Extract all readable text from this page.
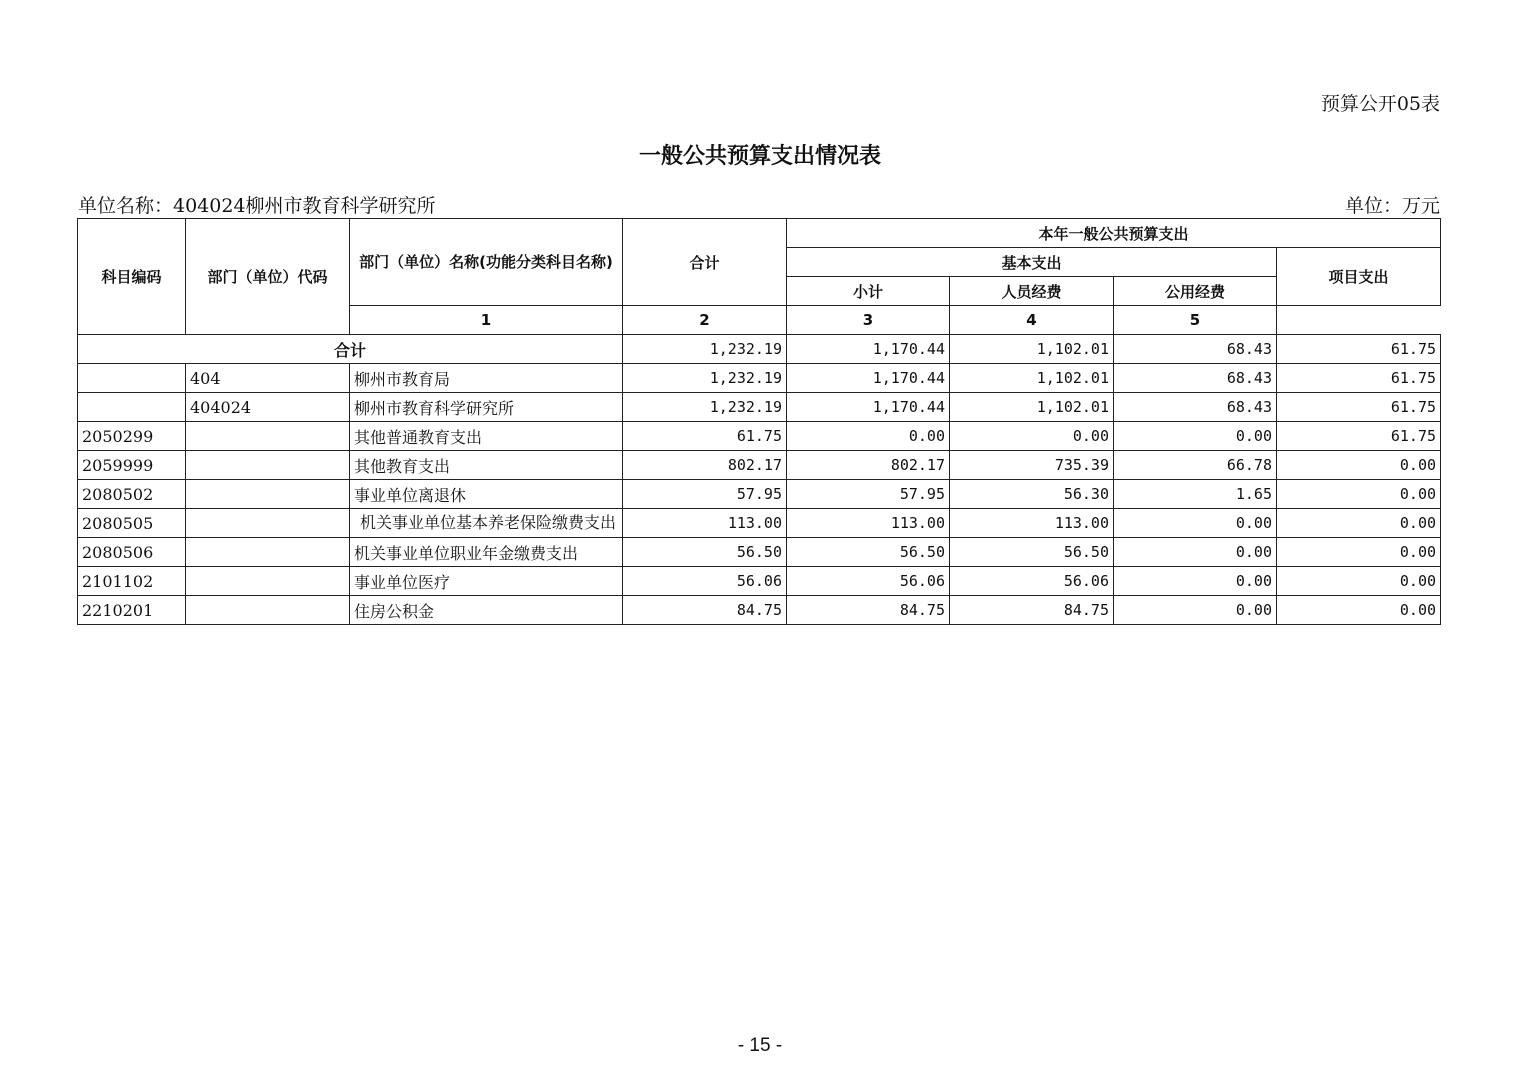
预算公开05表
一般公共预算支出情况表
单位名称：404024柳州市教育科学研究所	单位：万元
科目编码	部门（单位）代码	部门（单位）名称(功能分类科目名称)	合计	本年一般公共预算支出			
				基本支出			项目支出
				小计	人员经费	公用经费	
		1	2	3	4	5	
合计			1,232.19	1,170.44	1,102.01	68.43	61.75
	404	柳州市教育局	1,232.19	1,170.44	1,102.01	68.43	61.75
	404024	柳州市教育科学研究所	1,232.19	1,170.44	1,102.01	68.43	61.75
2050299		其他普通教育支出	61.75	0.00	0.00	0.00	61.75
2059999		其他教育支出	802.17	802.17	735.39	66.78	0.00
2080502		事业单位离退休	57.95	57.95	56.30	1.65	0.00
2080505		机关事业单位基本养老保险缴费支出	113.00	113.00	113.00	0.00	0.00
2080506		机关事业单位职业年金缴费支出	56.50	56.50	56.50	0.00	0.00
2101102		事业单位医疗	56.06	56.06	56.06	0.00	0.00
2210201		住房公积金	84.75	84.75	84.75	0.00	0.00
- 15 -
